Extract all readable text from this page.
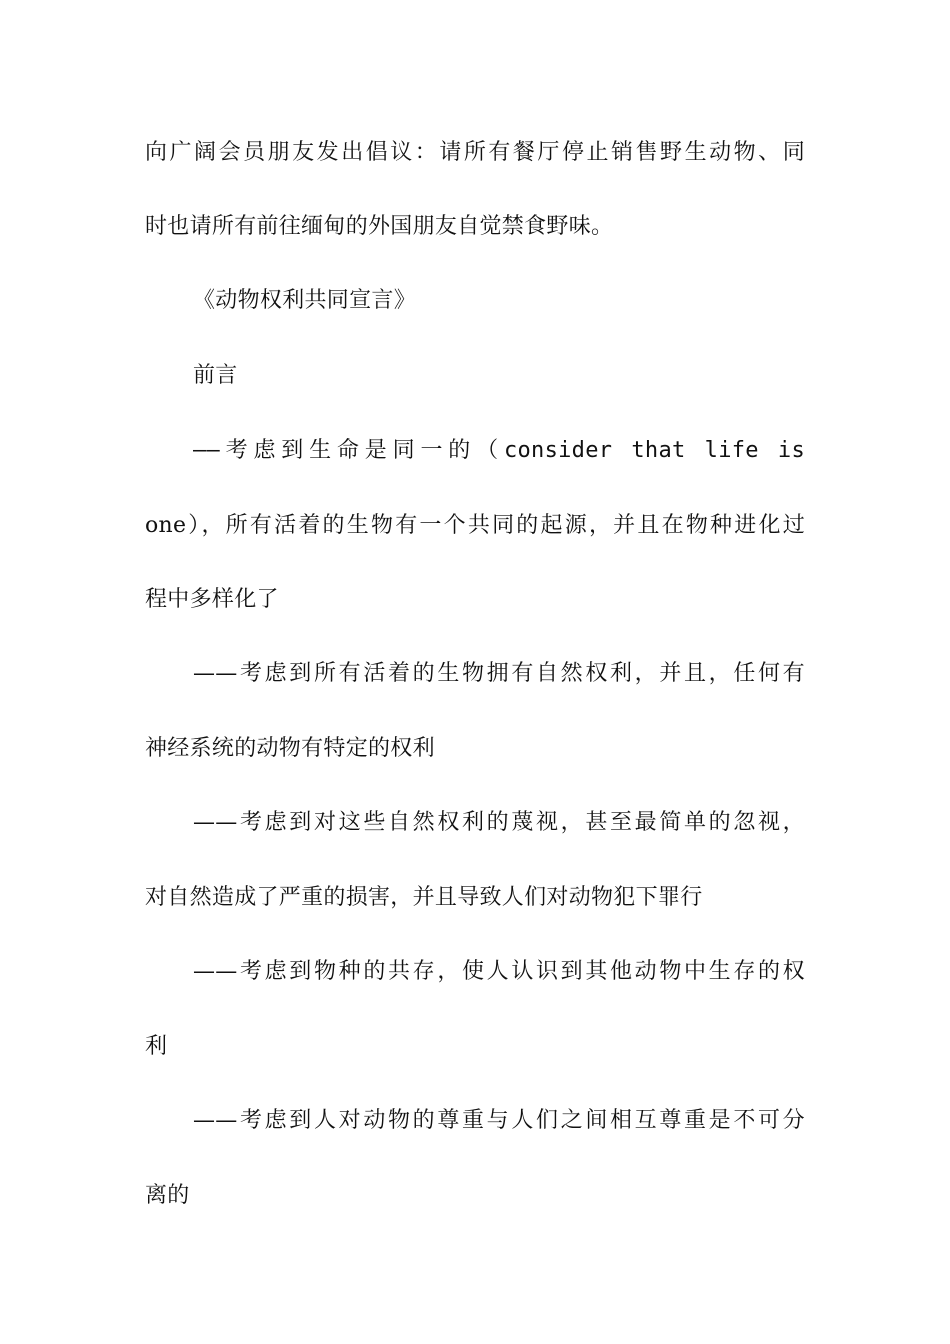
向广阔会员朋友发出倡议：请所有餐厅停止销售野生动物、同
时也请所有前往缅甸的外国朋友自觉禁食野味。
《动物权利共同宣言》
前言
——考虑到生命是同一的（consider that life is
one），所有活着的生物有一个共同的起源，并且在物种进化过
程中多样化了
——考虑到所有活着的生物拥有自然权利，并且，任何有
神经系统的动物有特定的权利
——考虑到对这些自然权利的蔑视，甚至最简单的忽视，
对自然造成了严重的损害，并且导致人们对动物犯下罪行
——考虑到物种的共存，使人认识到其他动物中生存的权
利
——考虑到人对动物的尊重与人们之间相互尊重是不可分
离的
